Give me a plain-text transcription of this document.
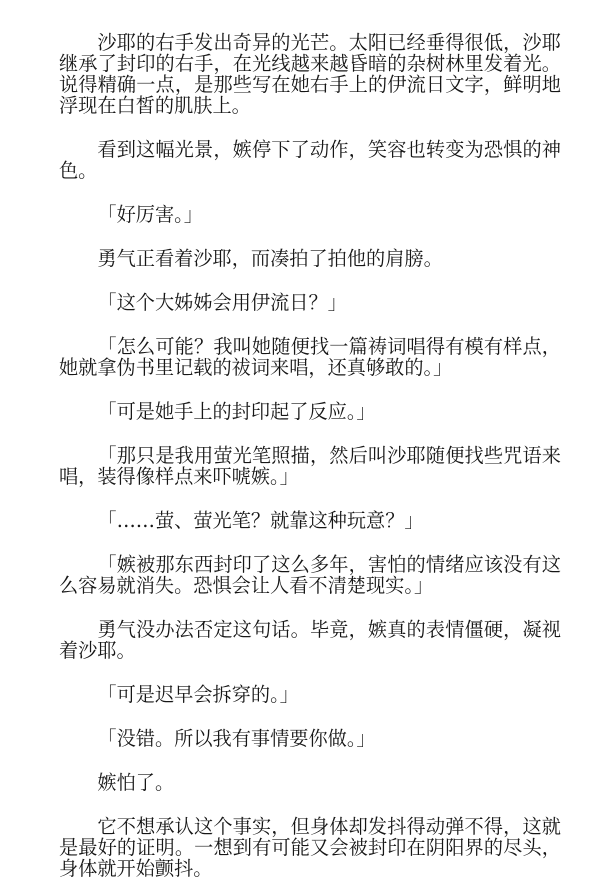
沙耶的右手发出奇异的光芒。太阳已经垂得很低，沙耶继承了封印的右手，在光线越来越昏暗的杂树林里发着光。说得精确一点，是那些写在她右手上的伊流日文字，鲜明地浮现在白皙的肌肤上。

看到这幅光景，嫉停下了动作，笑容也转变为恐惧的神色。

「好厉害。」

勇气正看着沙耶，而凑拍了拍他的肩膀。

「这个大姊姊会用伊流日？」

「怎么可能？我叫她随便找一篇祷词唱得有模有样点，她就拿伪书里记载的祓词来唱，还真够敢的。」

「可是她手上的封印起了反应。」

「那只是我用萤光笔照描，然后叫沙耶随便找些咒语来唱，装得像样点来吓唬嫉。」

「……萤、萤光笔？就靠这种玩意？」

「嫉被那东西封印了这么多年，害怕的情绪应该没有这么容易就消失。恐惧会让人看不清楚现实。」

勇气没办法否定这句话。毕竟，嫉真的表情僵硬，凝视着沙耶。

「可是迟早会拆穿的。」

「没错。所以我有事情要你做。」

嫉怕了。

它不想承认这个事实，但身体却发抖得动弹不得，这就是最好的证明。一想到有可能又会被封印在阴阳界的尽头，身体就开始颤抖。
